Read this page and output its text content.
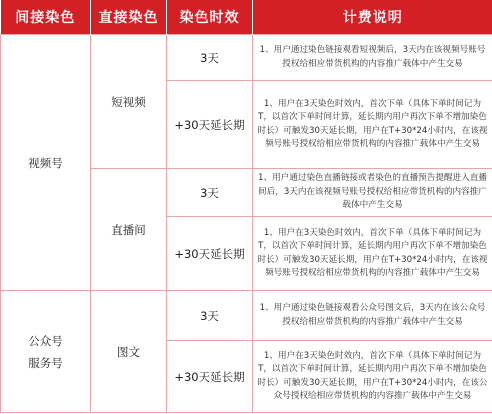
间接染色	直接染色	染色时效	计费说明

视频号	短视频	3天	1、用户通过染色链接观看短视频后，3天内在该视频号账号授权给相应带货机构的内容推广载体中产生交易
		+30天延长期	1、用户在3天染色时效内，首次下单（具体下单时间记为T，以首次下单时间计算，延长期内用户再次下单不增加染色时长）可触发30天延长期，用户在T+30*24小时内，在该视频号账号授权给相应带货机构的内容推广载体中产生交易
	直播间	3天	1、用户通过染色直播链接或者染色的直播预告提醒进入直播间后，3天内在该视频号账号授权给相应带货机构的内容推广载体中产生交易
		+30天延长期	1、用户在3天染色时效内，首次下单（具体下单时间记为T，以首次下单时间计算，延长期内用户再次下单不增加染色时长）可触发30天延长期，用户在T+30*24小时内，在该视频号账号授权给相应带货机构的内容推广载体中产生交易

公众号
服务号	图文	3天	1、用户通过染色链接观看公众号图文后，3天内在该公众号授权给相应带货机构的内容推广载体中产生交易
		+30天延长期	1、用户在3天染色时效内，首次下单（具体下单时间记为T，以首次下单时间计算，延长期内用户再次下单不增加染色时长）可触发30天延长期，用户在T+30*24小时内，在该公众号授权给相应带货机构的内容推广载体中产生交易
